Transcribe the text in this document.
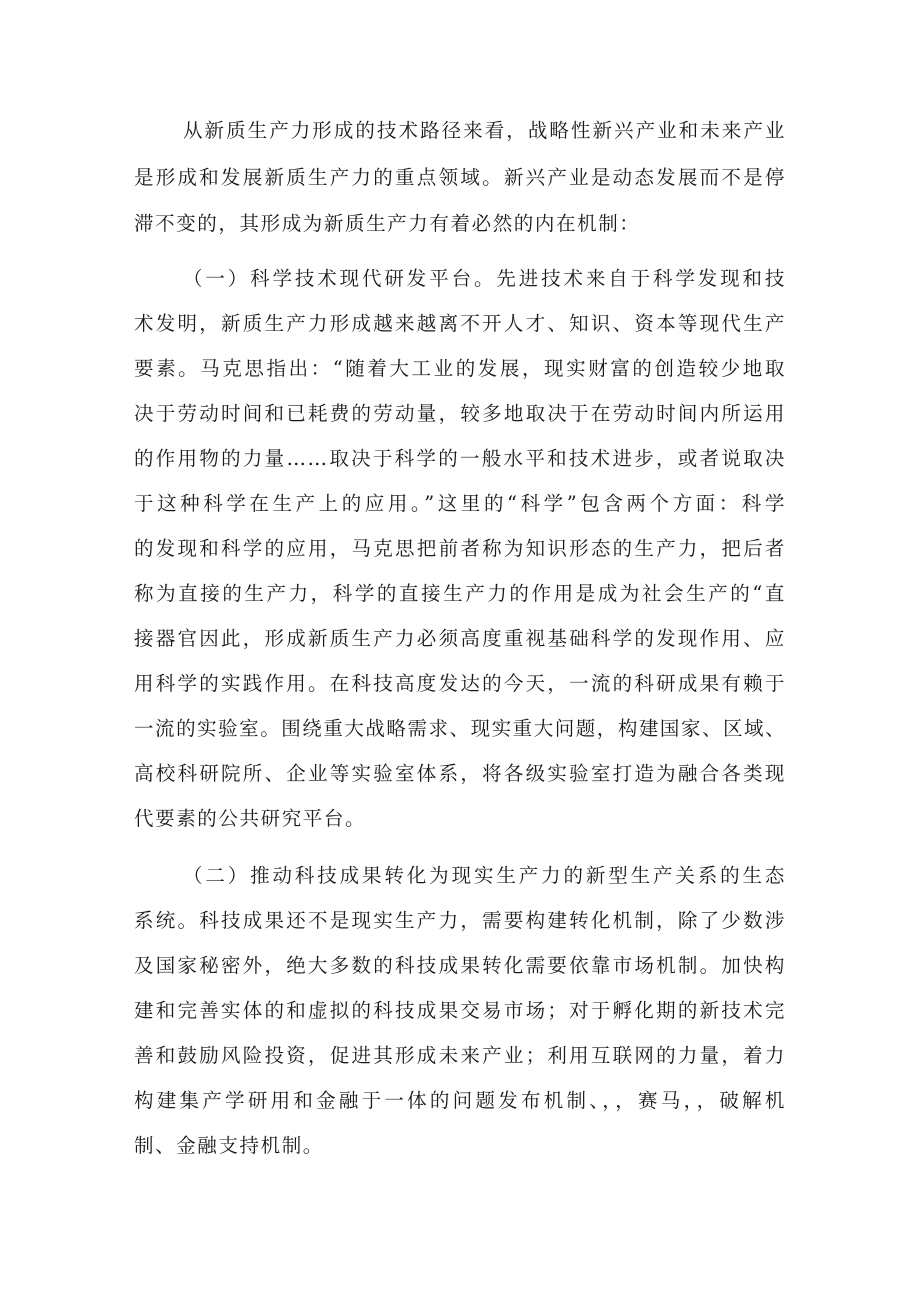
从新质生产力形成的技术路径来看，战略性新兴产业和未来产业
是形成和发展新质生产力的重点领域。新兴产业是动态发展而不是停
滞不变的，其形成为新质生产力有着必然的内在机制：
（一）科学技术现代研发平台。先进技术来自于科学发现和技
术发明，新质生产力形成越来越离不开人才、知识、资本等现代生产
要素。马克思指出：“随着大工业的发展，现实财富的创造较少地取
决于劳动时间和已耗费的劳动量，较多地取决于在劳动时间内所运用
的作用物的力量……取决于科学的一般水平和技术进步，或者说取决
于这种科学在生产上的应用。”这里的“科学”包含两个方面：科学
的发现和科学的应用，马克思把前者称为知识形态的生产力，把后者
称为直接的生产力，科学的直接生产力的作用是成为社会生产的“直
接器官因此，形成新质生产力必须高度重视基础科学的发现作用、应
用科学的实践作用。在科技高度发达的今天，一流的科研成果有赖于
一流的实验室。围绕重大战略需求、现实重大问题，构建国家、区域、
高校科研院所、企业等实验室体系，将各级实验室打造为融合各类现
代要素的公共研究平台。
（二）推动科技成果转化为现实生产力的新型生产关系的生态
系统。科技成果还不是现实生产力，需要构建转化机制，除了少数涉
及国家秘密外，绝大多数的科技成果转化需要依靠市场机制。加快构
建和完善实体的和虚拟的科技成果交易市场；对于孵化期的新技术完
善和鼓励风险投资，促进其形成未来产业；利用互联网的力量，着力
构建集产学研用和金融于一体的问题发布机制、，，赛马，，破解机
制、金融支持机制。
